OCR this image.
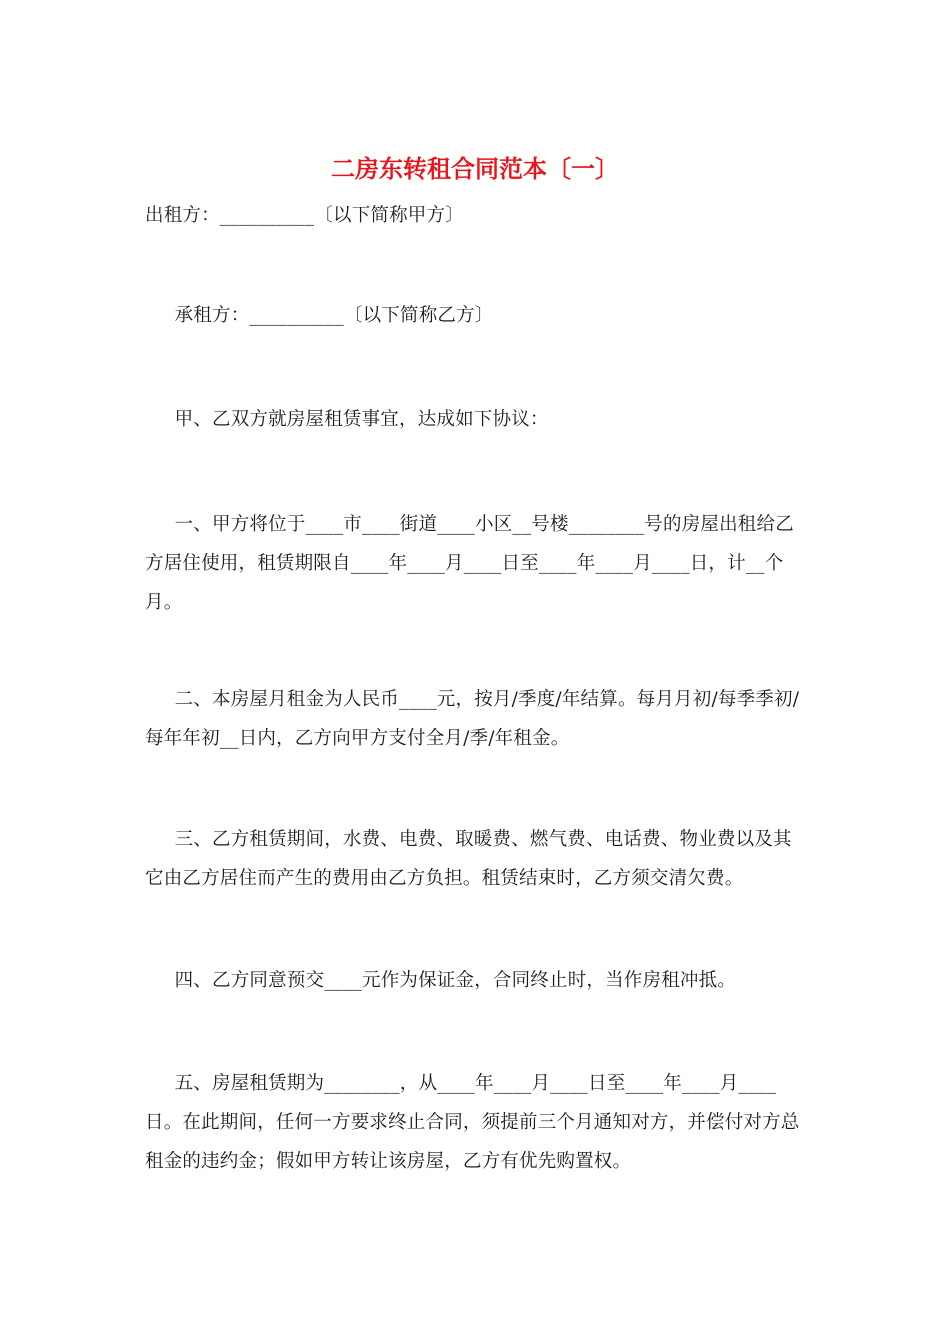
二房东转租合同范本〔一〕

出租方：__________〔以下简称甲方〕

承租方：__________〔以下简称乙方〕

甲、乙双方就房屋租赁事宜，达成如下协议：

一、甲方将位于____市____街道____小区__号楼________号的房屋出租给乙方居住使用，租赁期限自____年____月____日至____年____月____日，计__个月。

二、本房屋月租金为人民币____元，按月/季度/年结算。每月月初/每季季初/每年年初__日内，乙方向甲方支付全月/季/年租金。

三、乙方租赁期间，水费、电费、取暖费、燃气费、电话费、物业费以及其它由乙方居住而产生的费用由乙方负担。租赁结束时，乙方须交清欠费。

四、乙方同意预交____元作为保证金，合同终止时，当作房租冲抵。

五、房屋租赁期为________，从____年____月____日至____年____月____日。在此期间，任何一方要求终止合同，须提前三个月通知对方，并偿付对方总租金的违约金；假如甲方转让该房屋，乙方有优先购置权。
